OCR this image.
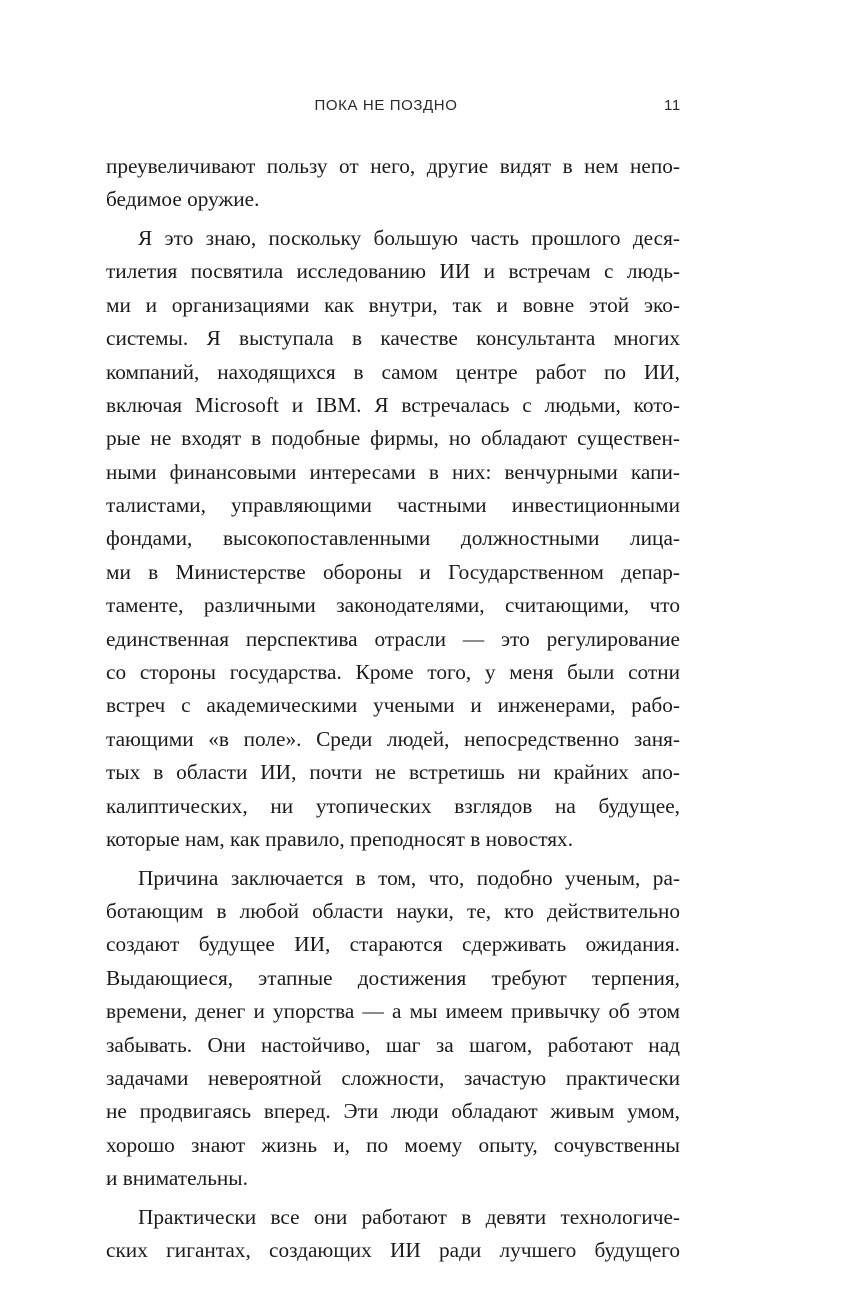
ПОКА НЕ ПОЗДНО	11
преувеличивают пользу от него, другие видят в нем непо-
бедимое оружие.
Я это знаю, поскольку большую часть прошлого деся-
тилетия посвятила исследованию ИИ и встречам с людь-
ми и организациями как внутри, так и вовне этой эко-
системы. Я выступала в качестве консультанта многих
компаний, находящихся в самом центре работ по ИИ,
включая Microsoft и IBM. Я встречалась с людьми, кото-
рые не входят в подобные фирмы, но обладают существен-
ными финансовыми интересами в них: венчурными капи-
талистами, управляющими частными инвестиционными
фондами, высокопоставленными должностными лица-
ми в Министерстве обороны и Государственном депар-
таменте, различными законодателями, считающими, что
единственная перспектива отрасли — это регулирование
со стороны государства. Кроме того, у меня были сотни
встреч с академическими учеными и инженерами, рабо-
тающими «в поле». Среди людей, непосредственно заня-
тых в области ИИ, почти не встретишь ни крайних апо-
калиптических, ни утопических взглядов на будущее,
которые нам, как правило, преподносят в новостях.
Причина заключается в том, что, подобно ученым, ра-
ботающим в любой области науки, те, кто действительно
создают будущее ИИ, стараются сдерживать ожидания.
Выдающиеся, этапные достижения требуют терпения,
времени, денег и упорства — а мы имеем привычку об этом
забывать. Они настойчиво, шаг за шагом, работают над
задачами невероятной сложности, зачастую практически
не продвигаясь вперед. Эти люди обладают живым умом,
хорошо знают жизнь и, по моему опыту, сочувственны
и внимательны.
Практически все они работают в девяти технологиче-
ских гигантах, создающих ИИ ради лучшего будущего
